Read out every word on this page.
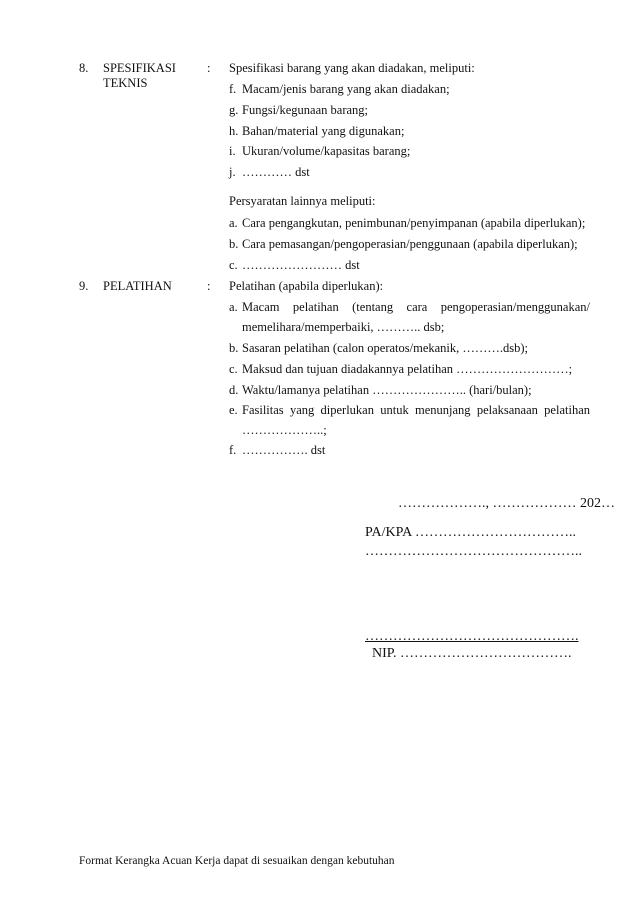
8. SPESIFIKASI
TEKNIS
: Spesifikasi barang yang akan diadakan, meliputi:
f. Macam/jenis barang yang akan diadakan;
g. Fungsi/kegunaan barang;
h. Bahan/material yang digunakan;
i. Ukuran/volume/kapasitas barang;
j. ………… dst
Persyaratan lainnya meliputi:
a. Cara pengangkutan, penimbunan/penyimpanan (apabila diperlukan);
b. Cara pemasangan/pengoperasian/penggunaan (apabila diperlukan);
c. …………………… dst
9. PELATIHAN	: Pelatihan (apabila diperlukan):
a. Macam pelatihan (tentang cara pengoperasian/menggunakan/
memelihara/memperbaiki, ……….. dsb;
b. Sasaran pelatihan (calon operatos/mekanik, ……….dsb);
c. Maksud dan tujuan diadakannya pelatihan ………………………;
d. Waktu/lamanya pelatihan ………………….. (hari/bulan);
e. Fasilitas yang diperlukan untuk menunjang pelaksanaan pelatihan
………………..;
f. ……………. dst
………………., ……………… 202…
PA/KPA ……………………………..
………………………………………..
……………………………………….
NIP. ……………………………….
Format Kerangka Acuan Kerja dapat di sesuaikan dengan kebutuhan
